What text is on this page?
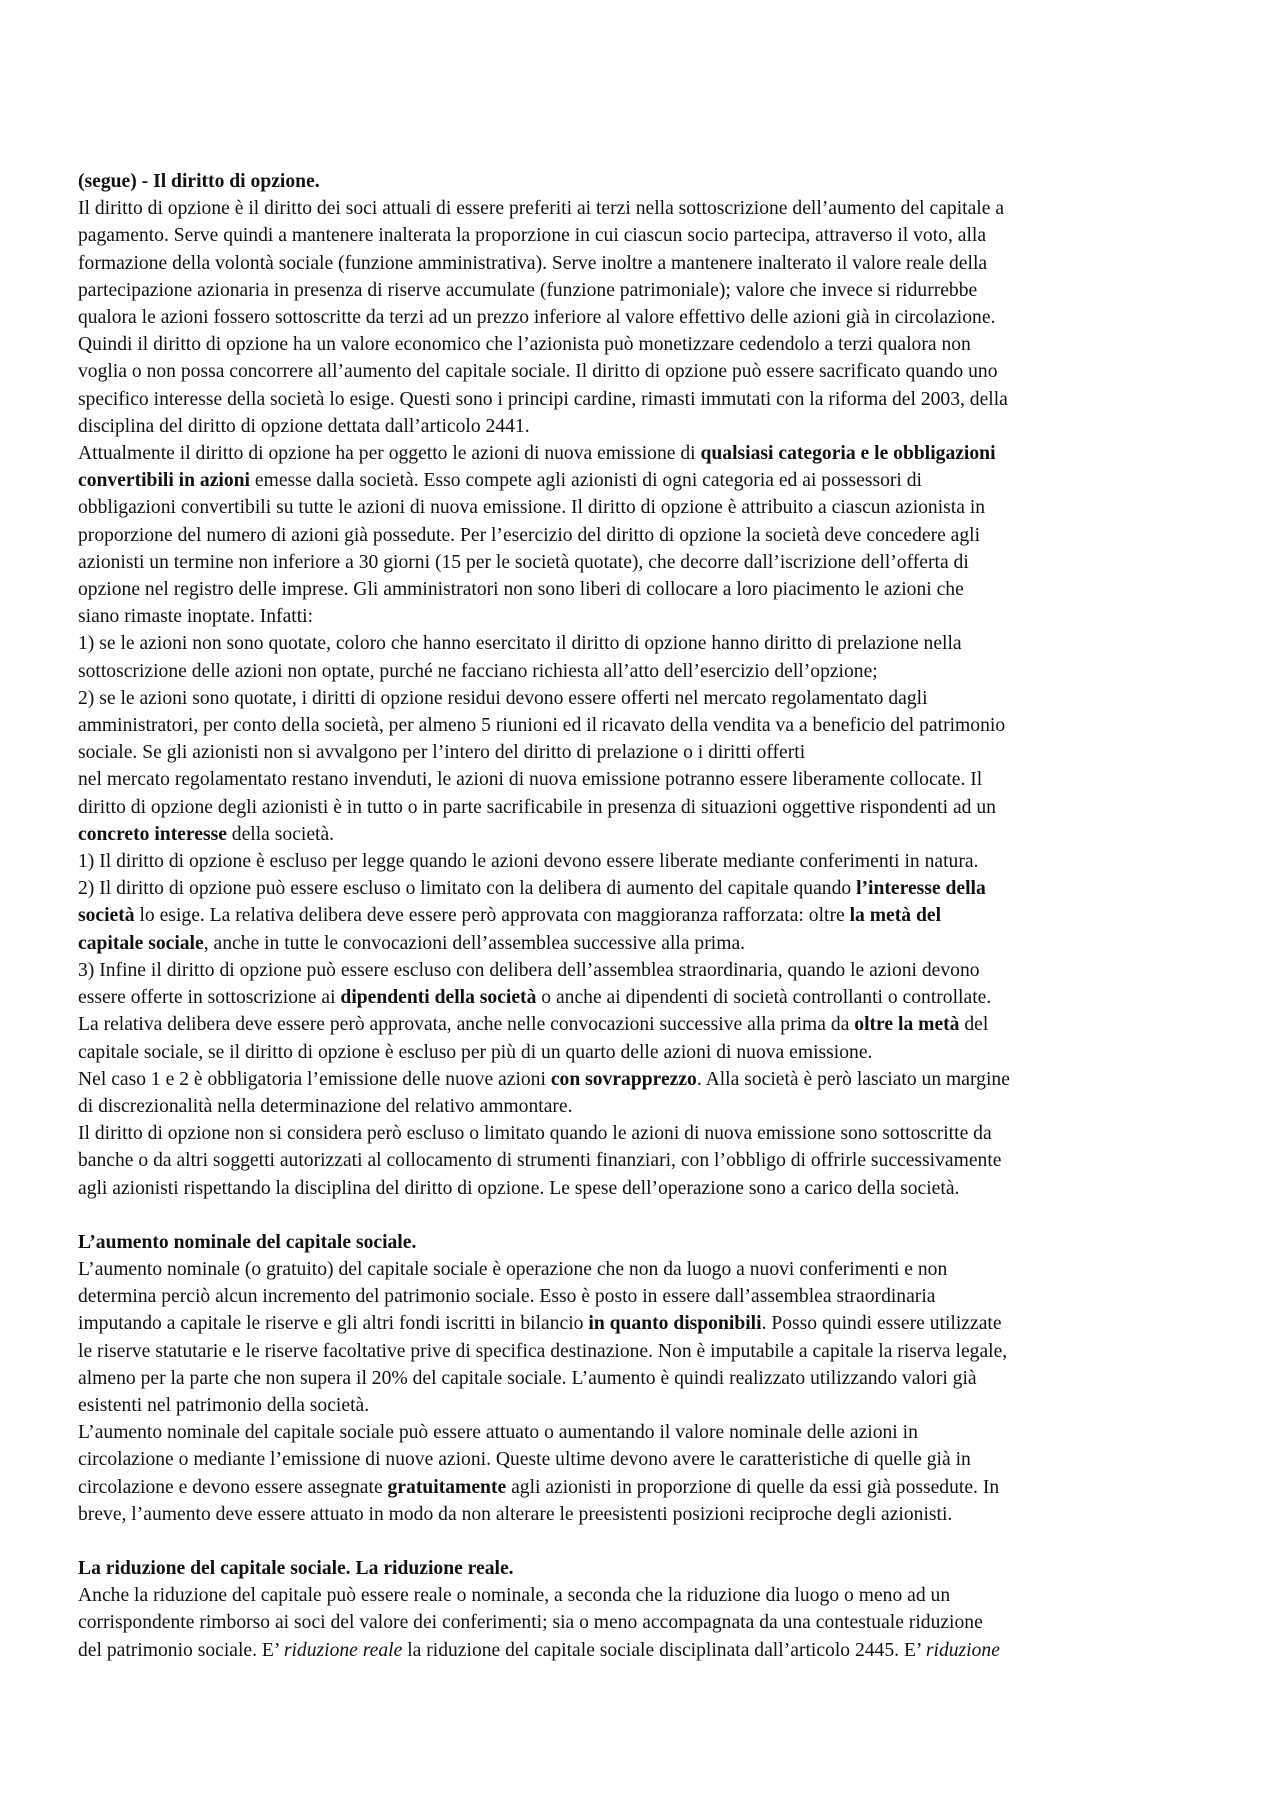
(segue) - Il diritto di opzione.
Il diritto di opzione è il diritto dei soci attuali di essere preferiti ai terzi nella sottoscrizione dell’aumento del capitale a
pagamento. Serve quindi a mantenere inalterata la proporzione in cui ciascun socio partecipa, attraverso il voto, alla
formazione della volontà sociale (funzione amministrativa). Serve inoltre a mantenere inalterato il valore reale della
partecipazione azionaria in presenza di riserve accumulate (funzione patrimoniale); valore che invece si ridurrebbe
qualora le azioni fossero sottoscritte da terzi ad un prezzo inferiore al valore effettivo delle azioni già in circolazione.
Quindi il diritto di opzione ha un valore economico che l’azionista può monetizzare cedendolo a terzi qualora non
voglia o non possa concorrere all’aumento del capitale sociale. Il diritto di opzione può essere sacrificato quando uno
specifico interesse della società lo esige. Questi sono i principi cardine, rimasti immutati con la riforma del 2003, della
disciplina del diritto di opzione dettata dall’articolo 2441.
Attualmente il diritto di opzione ha per oggetto le azioni di nuova emissione di qualsiasi categoria e le obbligazioni
convertibili in azioni emesse dalla società. Esso compete agli azionisti di ogni categoria ed ai possessori di
obbligazioni convertibili su tutte le azioni di nuova emissione. Il diritto di opzione è attribuito a ciascun azionista in
proporzione del numero di azioni già possedute. Per l’esercizio del diritto di opzione la società deve concedere agli
azionisti un termine non inferiore a 30 giorni (15 per le società quotate), che decorre dall’iscrizione dell’offerta di
opzione nel registro delle imprese. Gli amministratori non sono liberi di collocare a loro piacimento le azioni che
siano rimaste inoptate. Infatti:
1) se le azioni non sono quotate, coloro che hanno esercitato il diritto di opzione hanno diritto di prelazione nella
sottoscrizione delle azioni non optate, purché ne facciano richiesta all’atto dell’esercizio dell’opzione;
2) se le azioni sono quotate, i diritti di opzione residui devono essere offerti nel mercato regolamentato dagli
amministratori, per conto della società, per almeno 5 riunioni ed il ricavato della vendita va a beneficio del patrimonio
sociale. Se gli azionisti non si avvalgono per l’intero del diritto di prelazione o i diritti offerti
nel mercato regolamentato restano invenduti, le azioni di nuova emissione potranno essere liberamente collocate. Il
diritto di opzione degli azionisti è in tutto o in parte sacrificabile in presenza di situazioni oggettive rispondenti ad un
concreto interesse della società.
1) Il diritto di opzione è escluso per legge quando le azioni devono essere liberate mediante conferimenti in natura.
2) Il diritto di opzione può essere escluso o limitato con la delibera di aumento del capitale quando l’interesse della
società lo esige. La relativa delibera deve essere però approvata con maggioranza rafforzata: oltre la metà del
capitale sociale, anche in tutte le convocazioni dell’assemblea successive alla prima.
3) Infine il diritto di opzione può essere escluso con delibera dell’assemblea straordinaria, quando le azioni devono
essere offerte in sottoscrizione ai dipendenti della società o anche ai dipendenti di società controllanti o controllate.
La relativa delibera deve essere però approvata, anche nelle convocazioni successive alla prima da oltre la metà del
capitale sociale, se il diritto di opzione è escluso per più di un quarto delle azioni di nuova emissione.
Nel caso 1 e 2 è obbligatoria l’emissione delle nuove azioni con sovrapprezzo. Alla società è però lasciato un margine
di discrezionalità nella determinazione del relativo ammontare.
Il diritto di opzione non si considera però escluso o limitato quando le azioni di nuova emissione sono sottoscritte da
banche o da altri soggetti autorizzati al collocamento di strumenti finanziari, con l’obbligo di offrirle successivamente
agli azionisti rispettando la disciplina del diritto di opzione. Le spese dell’operazione sono a carico della società.
L’aumento nominale del capitale sociale.
L’aumento nominale (o gratuito) del capitale sociale è operazione che non da luogo a nuovi conferimenti e non
determina perciò alcun incremento del patrimonio sociale. Esso è posto in essere dall’assemblea straordinaria
imputando a capitale le riserve e gli altri fondi iscritti in bilancio in quanto disponibili. Posso quindi essere utilizzate
le riserve statutarie e le riserve facoltative prive di specifica destinazione. Non è imputabile a capitale la riserva legale,
almeno per la parte che non supera il 20% del capitale sociale. L’aumento è quindi realizzato utilizzando valori già
esistenti nel patrimonio della società.
L’aumento nominale del capitale sociale può essere attuato o aumentando il valore nominale delle azioni in
circolazione o mediante l’emissione di nuove azioni. Queste ultime devono avere le caratteristiche di quelle già in
circolazione e devono essere assegnate gratuitamente agli azionisti in proporzione di quelle da essi già possedute. In
breve, l’aumento deve essere attuato in modo da non alterare le preesistenti posizioni reciproche degli azionisti.
La riduzione del capitale sociale. La riduzione reale.
Anche la riduzione del capitale può essere reale o nominale, a seconda che la riduzione dia luogo o meno ad un
corrispondente rimborso ai soci del valore dei conferimenti; sia o meno accompagnata da una contestuale riduzione
del patrimonio sociale. E’ riduzione reale la riduzione del capitale sociale disciplinata dall’articolo 2445. E’ riduzione
